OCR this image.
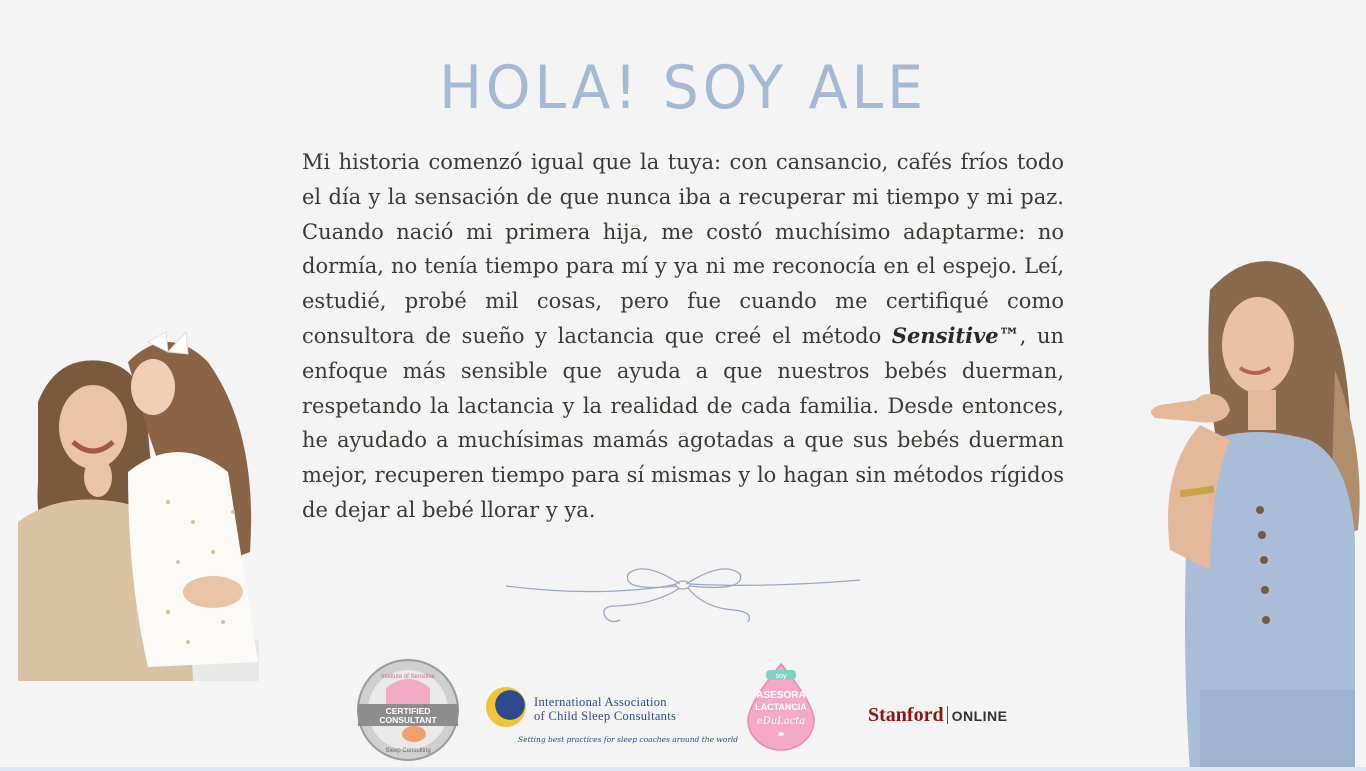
HOLA! SOY ALE

Mi historia comenzó igual que la tuya: con cansancio, cafés fríos todo el día y la sensación de que nunca iba a recuperar mi tiempo y mi paz. Cuando nació mi primera hija, me costó muchísimo adaptarme: no dormía, no tenía tiempo para mí y ya ni me reconocía en el espejo. Leí, estudié, probé mil cosas, pero fue cuando me certifiqué como consultora de sueño y lactancia que creé el método Sensitive™, un enfoque más sensible que ayuda a que nuestros bebés duerman, respetando la lactancia y la realidad de cada familia. Desde entonces, he ayudado a muchísimas mamás agotadas a que sus bebés duerman mejor, recuperen tiempo para sí mismas y lo hagan sin métodos rígidos de dejar al bebé llorar y ya.

CERTIFIED
CONSULTANT
Institute of Sensitive
Sleep Consulting
International Association
of Child Sleep Consultants
Setting best practices for sleep coaches around the world
soy
ASESORA
LACTANCIA
eDuLacta	Stanford ONLINE
